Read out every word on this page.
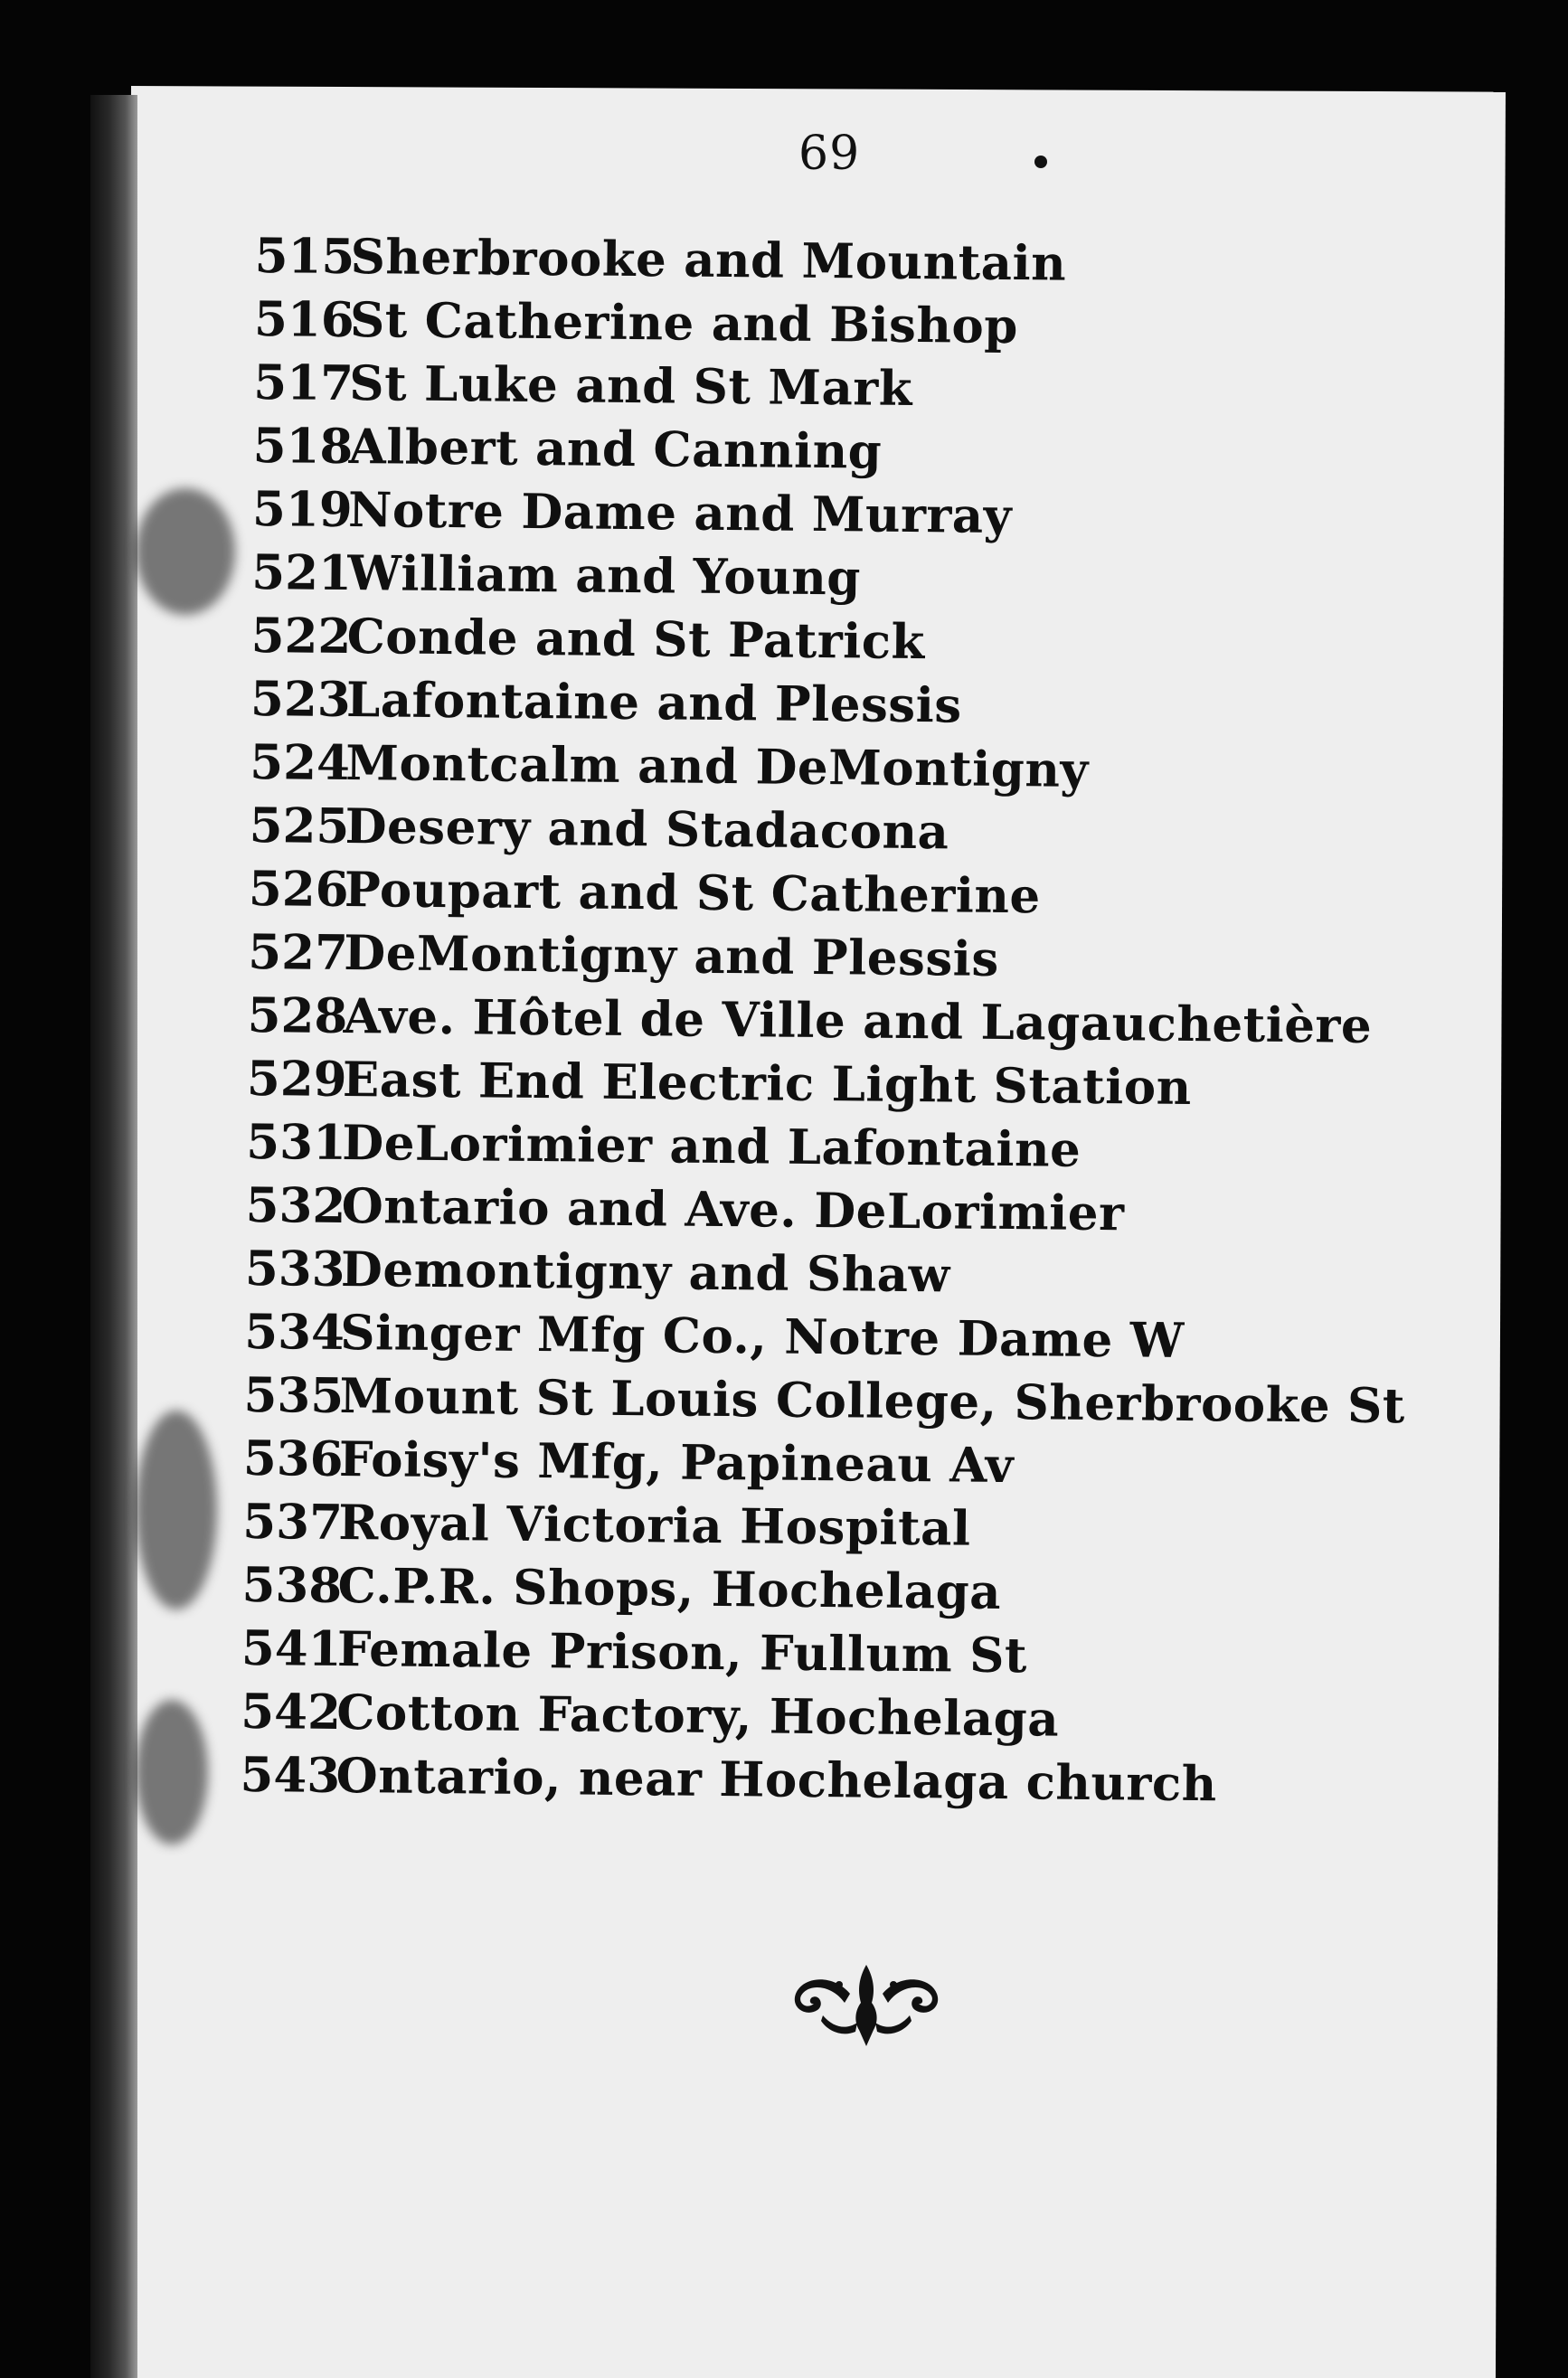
69
515
Sherbrooke and Mountain
516
St Catherine and Bishop
517
St Luke and St Mark
518
Albert and Canning
519
Notre Dame and Murray
521
William and Young
522
Conde and St Patrick
523
Lafontaine and Plessis
524
Montcalm and DeMontigny
525
Desery and Stadacona
526
Poupart and St Catherine
527
DeMontigny and Plessis
528
Ave. Hôtel de Ville and Lagauchetière
529
East End Electric Light Station
531
DeLorimier and Lafontaine
532
Ontario and Ave. DeLorimier
533
Demontigny and Shaw
534
Singer Mfg Co., Notre Dame W
535
Mount St Louis College, Sherbrooke St
536
Foisy's Mfg, Papineau Av
537
Royal Victoria Hospital
538
C.P.R. Shops, Hochelaga
541
Female Prison, Fullum St
542
Cotton Factory, Hochelaga
543
Ontario, near Hochelaga church
